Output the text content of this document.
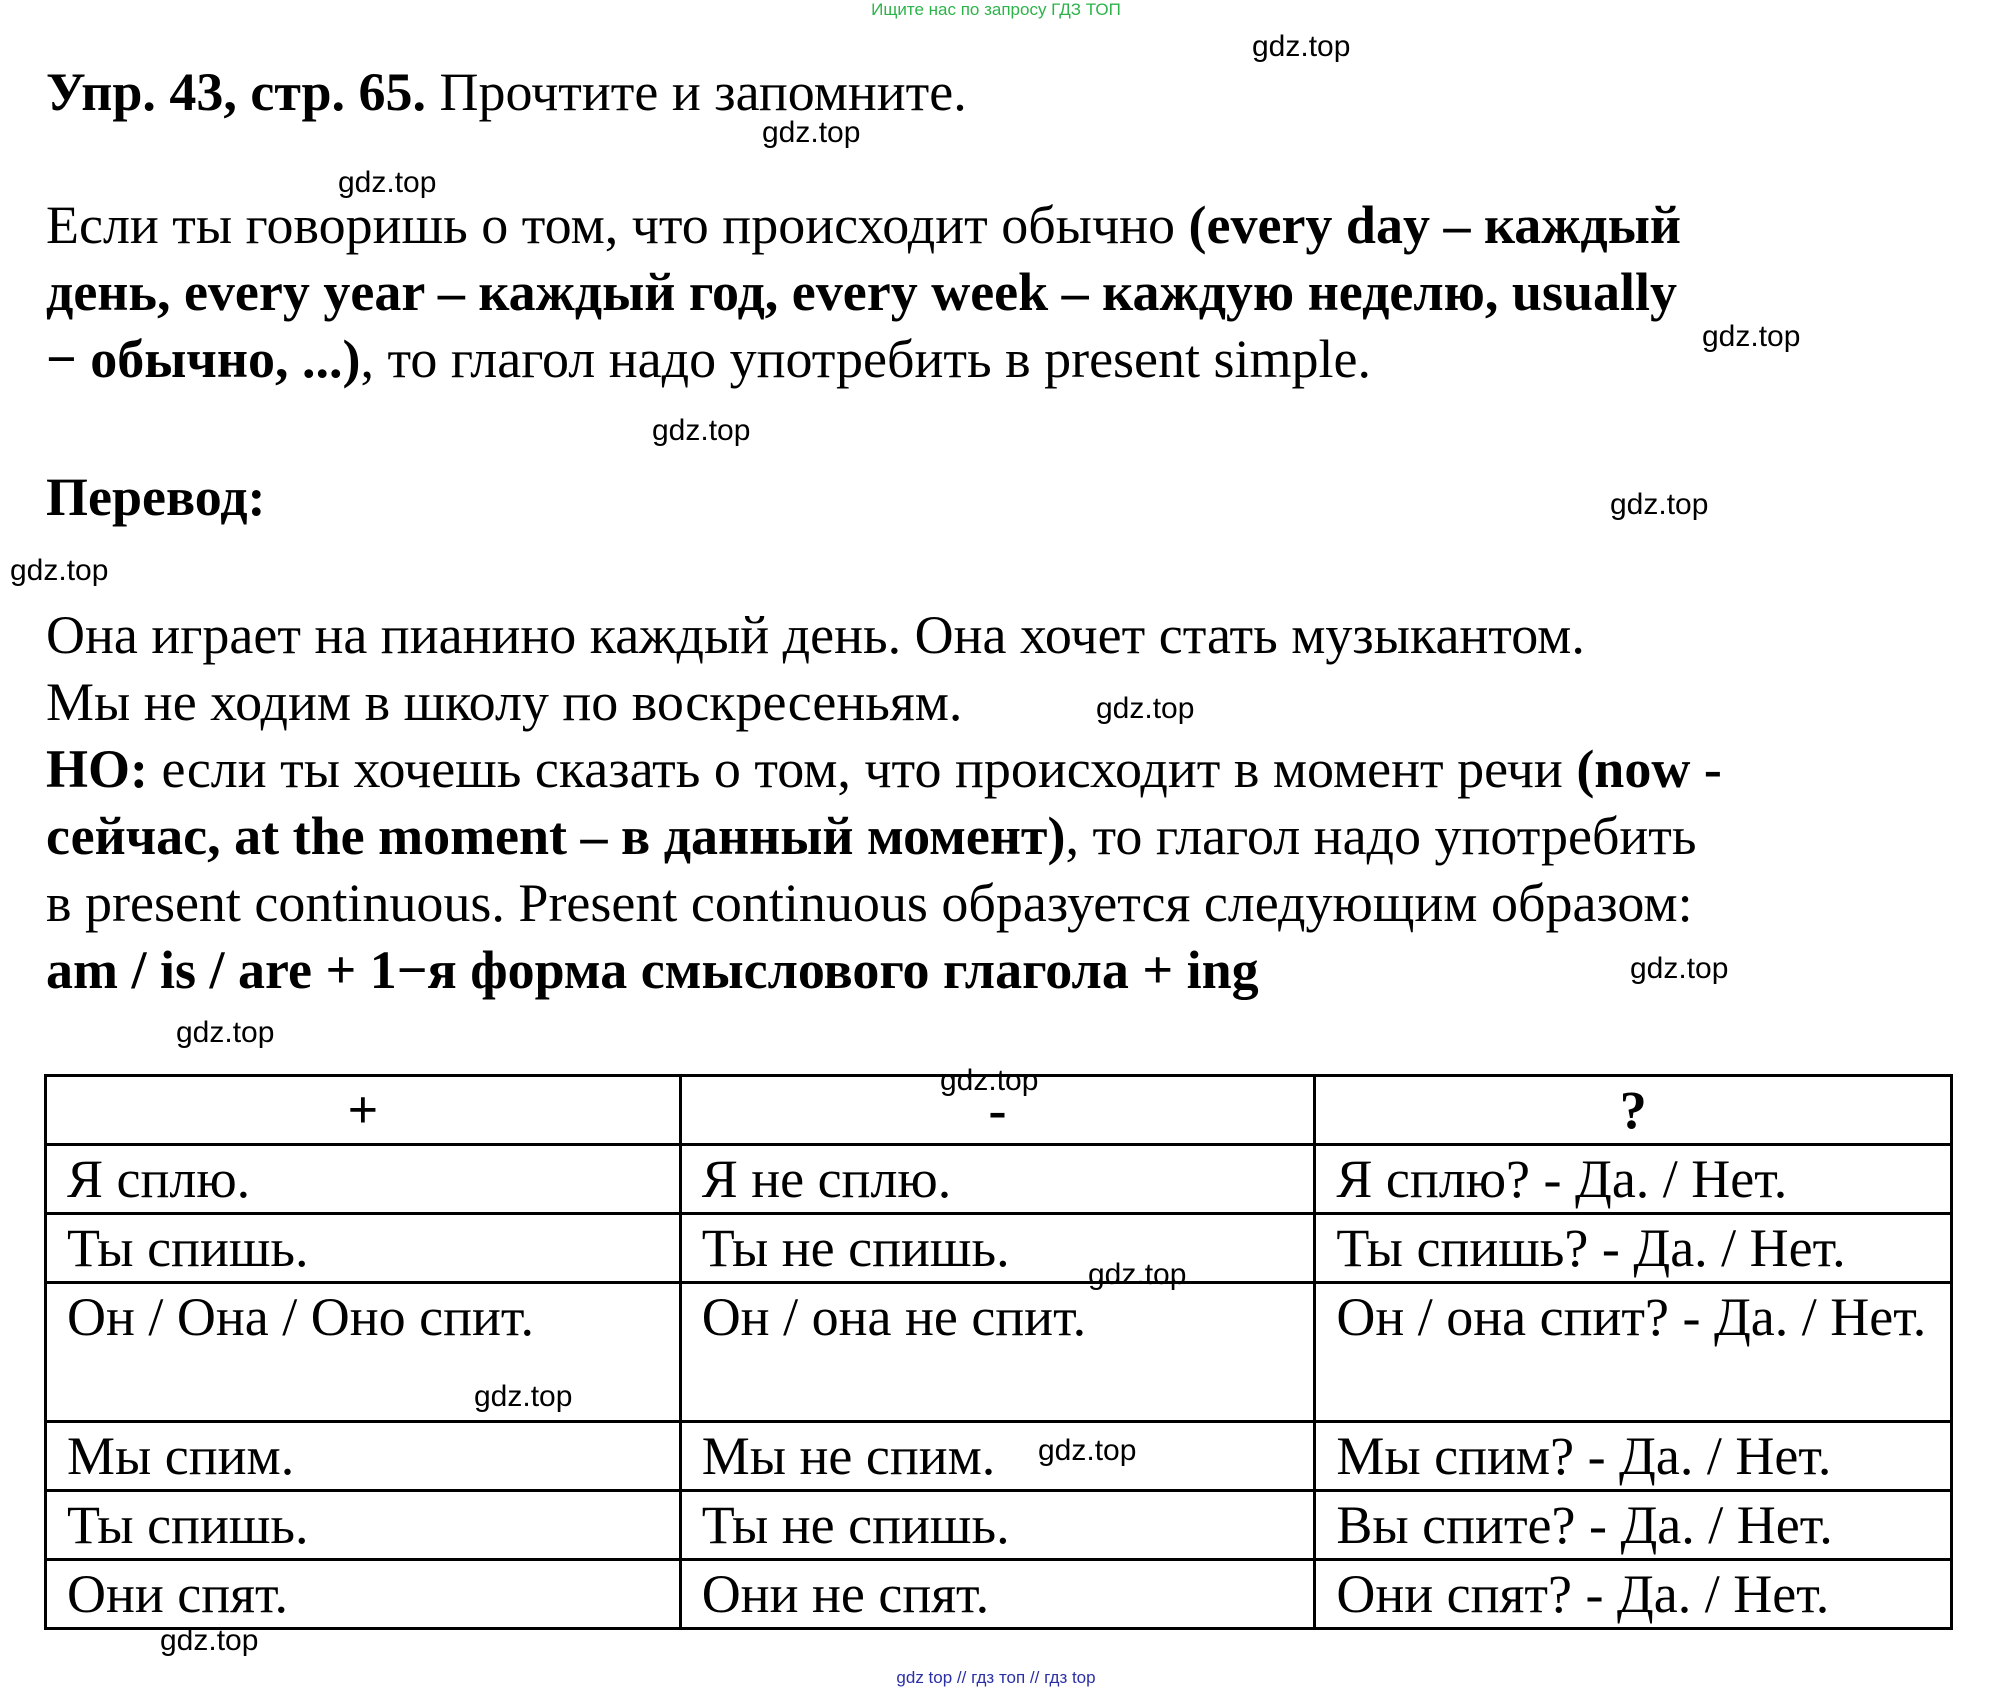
Ищите нас по запросу ГДЗ ТОП
Упр. 43, стр. 65. Прочтите и запомните.
Если ты говоришь о том, что происходит обычно (every day – каждый
день, every year – каждый год, every week – каждую неделю, usually
− обычно, ...), то глагол надо употребить в present simple.
Перевод:
Она играет на пианино каждый день. Она хочет стать музыкантом.
Мы не ходим в школу по воскресеньям.
НО: если ты хочешь сказать о том, что происходит в момент речи (now -
сейчас, at the moment – в данный момент), то глагол надо употребить
в present continuous. Present continuous образуется следующим образом:
am / is / are + 1−я форма смыслового глагола + ing
+	-	?
Я сплю.	Я не сплю.	Я сплю? - Да. / Нет.
Ты спишь.	Ты не спишь.	Ты спишь? - Да. / Нет.
Он / Она / Оно спит.	Он / она не спит.	Он / она спит? - Да. / Нет.
Мы спим.	Мы не спим.	Мы спим? - Да. / Нет.
Ты спишь.	Ты не спишь.	Вы спите? - Да. / Нет.
Они спят.	Они не спят.	Они спят? - Да. / Нет.
gdz.top
gdz.top
gdz.top
gdz.top
gdz.top
gdz.top
gdz.top
gdz.top
gdz.top
gdz.top
gdz.top
gdz.top
gdz.top
gdz.top
gdz.top
gdz top // гдз топ // гдз top
